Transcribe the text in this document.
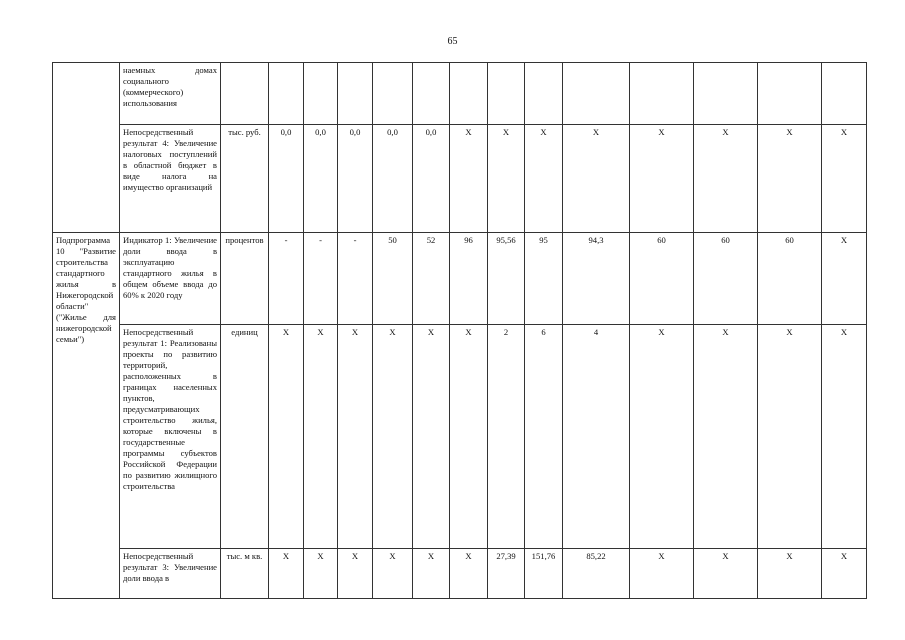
65
	наемных домах социального (коммерческого) использования														
	Непосредственный результат 4: Увеличение налоговых поступлений в областной бюджет в виде налога на имущество организаций	тыс. руб.	0,0	0,0	0,0	0,0	0,0	X	X	X	X	X	X	X	X
Подпрограмма 10 "Развитие строительства стандартного жилья в Нижегородской области" ("Жилье для нижегородской семьи")	Индикатор 1: Увеличение доли ввода в эксплуатацию стандартного жилья в общем объеме ввода до 60% к 2020 году	процентов	-	-	-	50	52	96	95,56	95	94,3	60	60	60	X
	Непосредственный результат 1: Реализованы проекты по развитию территорий, расположенных в границах населенных пунктов, предусматривающих строительство жилья, которые включены в государственные программы субъектов Российской Федерации по развитию жилищного строительства	единиц	X	X	X	X	X	X	2	6	4	X	X	X	X
	Непосредственный результат 3: Увеличение доли ввода в	тыс. м кв.	X	X	X	X	X	X	27,39	151,76	85,22	X	X	X	X
